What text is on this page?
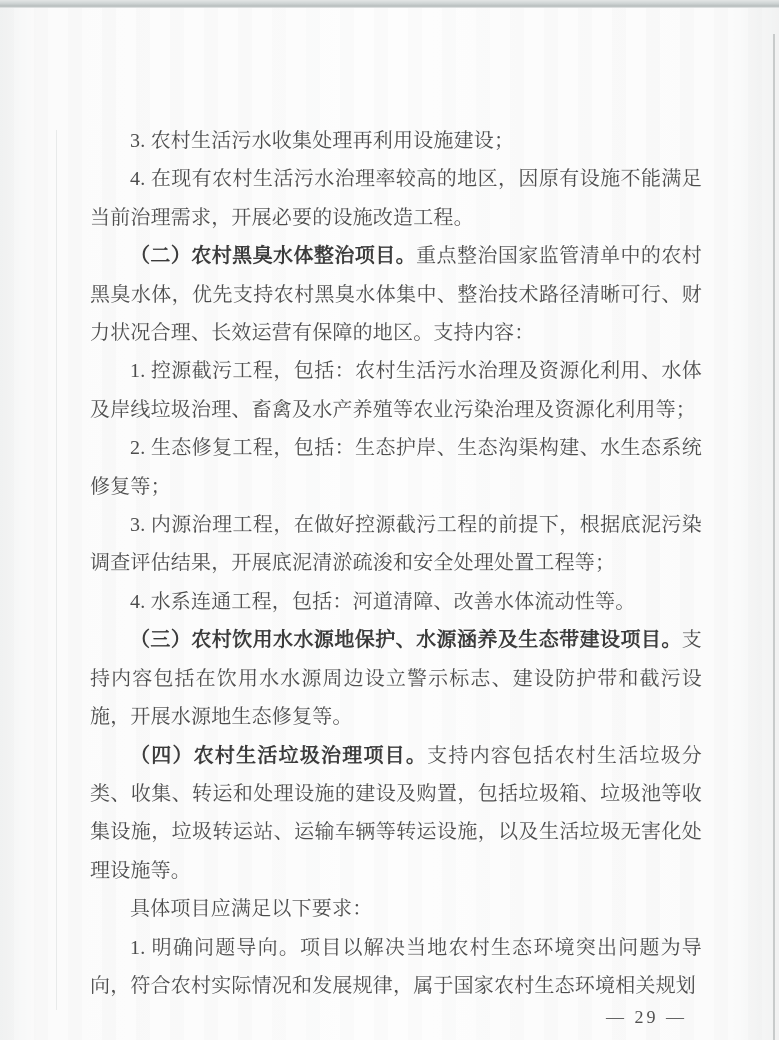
3. 农村生活污水收集处理再利用设施建设；

4. 在现有农村生活污水治理率较高的地区，因原有设施不能满足当前治理需求，开展必要的设施改造工程。

（二）农村黑臭水体整治项目。重点整治国家监管清单中的农村黑臭水体，优先支持农村黑臭水体集中、整治技术路径清晰可行、财力状况合理、长效运营有保障的地区。支持内容：

1. 控源截污工程，包括：农村生活污水治理及资源化利用、水体及岸线垃圾治理、畜禽及水产养殖等农业污染治理及资源化利用等；

2. 生态修复工程，包括：生态护岸、生态沟渠构建、水生态系统修复等；

3. 内源治理工程，在做好控源截污工程的前提下，根据底泥污染调查评估结果，开展底泥清淤疏浚和安全处理处置工程等；

4. 水系连通工程，包括：河道清障、改善水体流动性等。

（三）农村饮用水水源地保护、水源涵养及生态带建设项目。支持内容包括在饮用水水源周边设立警示标志、建设防护带和截污设施，开展水源地生态修复等。

（四）农村生活垃圾治理项目。支持内容包括农村生活垃圾分类、收集、转运和处理设施的建设及购置，包括垃圾箱、垃圾池等收集设施，垃圾转运站、运输车辆等转运设施，以及生活垃圾无害化处理设施等。

具体项目应满足以下要求：

1. 明确问题导向。项目以解决当地农村生态环境突出问题为导向，符合农村实际情况和发展规律，属于国家农村生态环境相关规划

— 29 —
